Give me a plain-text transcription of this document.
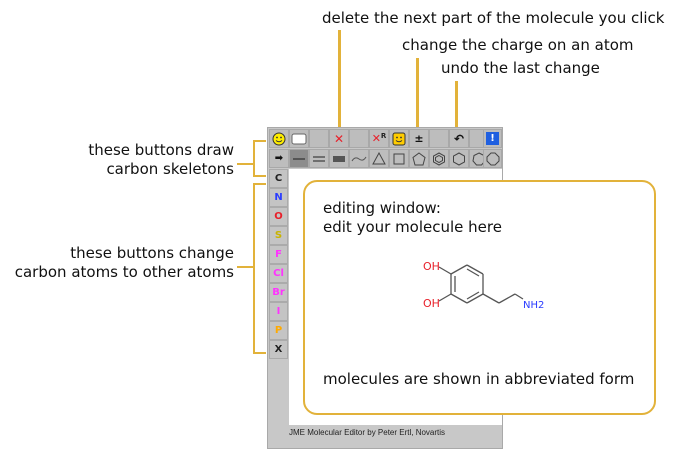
delete the next part of the molecule you click
change the charge on an atom
undo the last change
these buttons draw
carbon skeletons
these buttons change
carbon atoms to other atoms
✕	✕$^R$	±	↶	!
➡
C
N
O
S
F
Cl
Br
I
P
X
JME Molecular Editor by Peter Ertl, Novartis
editing window:
edit your molecule here
OH
OH	NH2
molecules are shown in abbreviated form
